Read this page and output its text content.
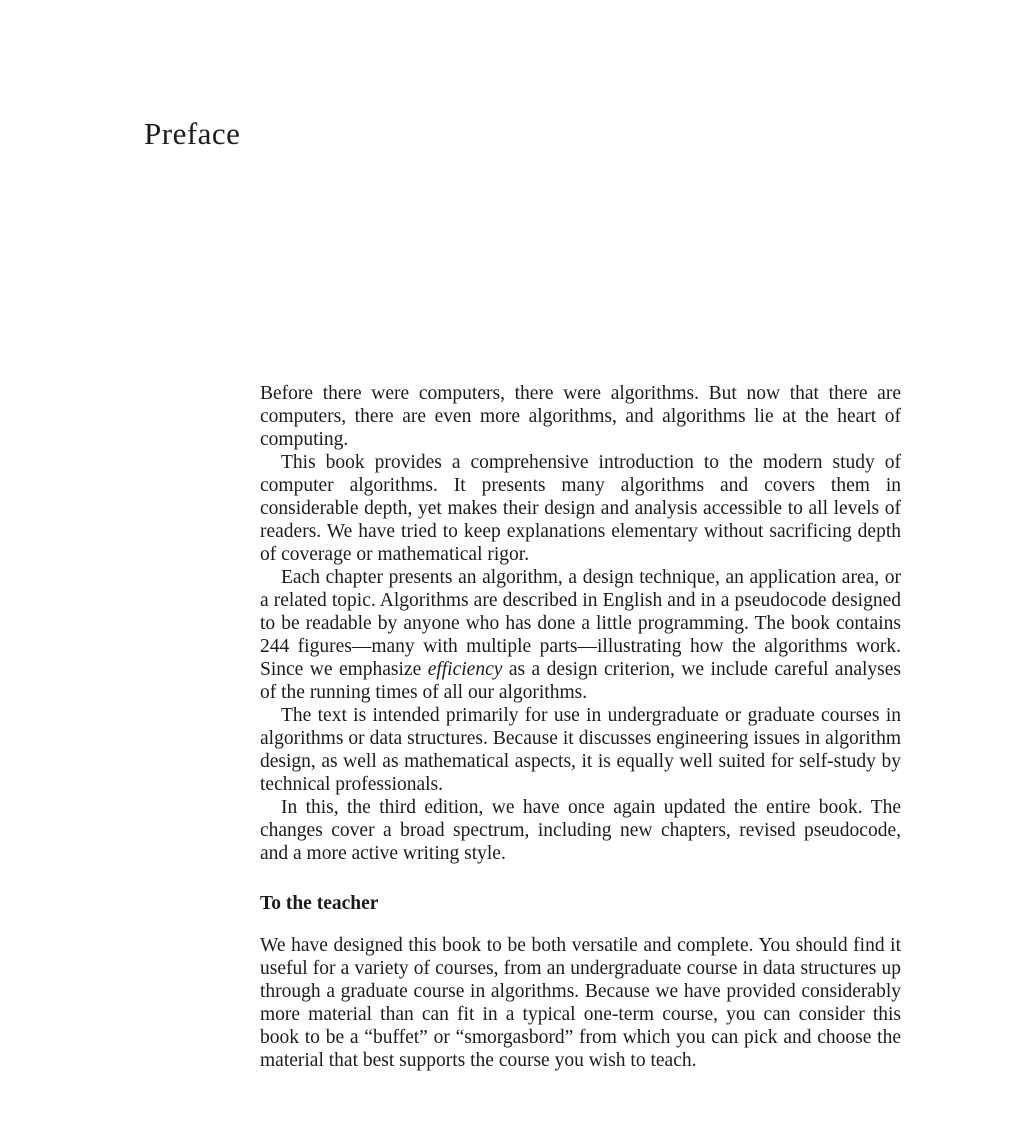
Preface

Before there were computers, there were algorithms. But now that there are computers, there are even more algorithms, and algorithms lie at the heart of computing.

This book provides a comprehensive introduction to the modern study of computer algorithms. It presents many algorithms and covers them in considerable depth, yet makes their design and analysis accessible to all levels of readers. We have tried to keep explanations elementary without sacrificing depth of coverage or mathematical rigor.

Each chapter presents an algorithm, a design technique, an application area, or a related topic. Algorithms are described in English and in a pseudocode designed to be readable by anyone who has done a little programming. The book contains 244 figures—many with multiple parts—illustrating how the algorithms work. Since we emphasize efficiency as a design criterion, we include careful analyses of the running times of all our algorithms.

The text is intended primarily for use in undergraduate or graduate courses in algorithms or data structures. Because it discusses engineering issues in algorithm design, as well as mathematical aspects, it is equally well suited for self-study by technical professionals.

In this, the third edition, we have once again updated the entire book. The changes cover a broad spectrum, including new chapters, revised pseudocode, and a more active writing style.

To the teacher

We have designed this book to be both versatile and complete. You should find it useful for a variety of courses, from an undergraduate course in data structures up through a graduate course in algorithms. Because we have provided considerably more material than can fit in a typical one-term course, you can consider this book to be a “buffet” or “smorgasbord” from which you can pick and choose the material that best supports the course you wish to teach.
